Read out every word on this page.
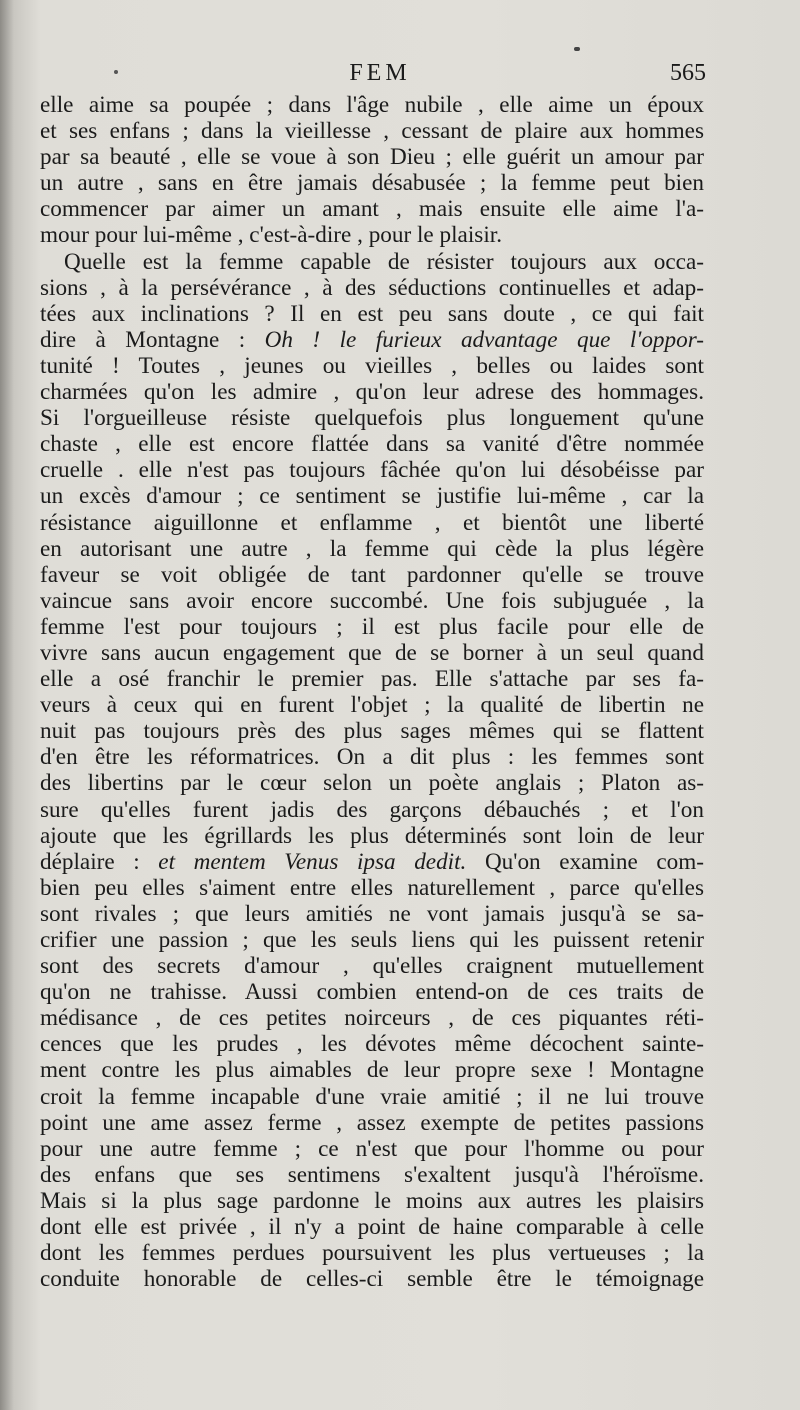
FEM	565
elle aime sa poupée ; dans l'âge nubile , elle aime un époux
et ses enfans ; dans la vieillesse , cessant de plaire aux hommes
par sa beauté , elle se voue à son Dieu ; elle guérit un amour par
un autre , sans en être jamais désabusée ; la femme peut bien
commencer par aimer un amant , mais ensuite elle aime l'a-
mour pour lui-même , c'est-à-dire , pour le plaisir.
Quelle est la femme capable de résister toujours aux occa-
sions , à la persévérance , à des séductions continuelles et adap-
tées aux inclinations ? Il en est peu sans doute , ce qui fait
dire à Montagne : Oh ! le furieux advantage que l'oppor-
tunité ! Toutes , jeunes ou vieilles , belles ou laides sont
charmées qu'on les admire , qu'on leur adrese des hommages.
Si l'orgueilleuse résiste quelquefois plus longuement qu'une
chaste , elle est encore flattée dans sa vanité d'être nommée
cruelle . elle n'est pas toujours fâchée qu'on lui désobéisse par
un excès d'amour ; ce sentiment se justifie lui-même , car la
résistance aiguillonne et enflamme , et bientôt une liberté
en autorisant une autre , la femme qui cède la plus légère
faveur se voit obligée de tant pardonner qu'elle se trouve
vaincue sans avoir encore succombé. Une fois subjuguée , la
femme l'est pour toujours ; il est plus facile pour elle de
vivre sans aucun engagement que de se borner à un seul quand
elle a osé franchir le premier pas. Elle s'attache par ses fa-
veurs à ceux qui en furent l'objet ; la qualité de libertin ne
nuit pas toujours près des plus sages mêmes qui se flattent
d'en être les réformatrices. On a dit plus : les femmes sont
des libertins par le cœur selon un poète anglais ; Platon as-
sure qu'elles furent jadis des garçons débauchés ; et l'on
ajoute que les égrillards les plus déterminés sont loin de leur
déplaire : et mentem Venus ipsa dedit. Qu'on examine com-
bien peu elles s'aiment entre elles naturellement , parce qu'elles
sont rivales ; que leurs amitiés ne vont jamais jusqu'à se sa-
crifier une passion ; que les seuls liens qui les puissent retenir
sont des secrets d'amour , qu'elles craignent mutuellement
qu'on ne trahisse. Aussi combien entend-on de ces traits de
médisance , de ces petites noirceurs , de ces piquantes réti-
cences que les prudes , les dévotes même décochent sainte-
ment contre les plus aimables de leur propre sexe ! Montagne
croit la femme incapable d'une vraie amitié ; il ne lui trouve
point une ame assez ferme , assez exempte de petites passions
pour une autre femme ; ce n'est que pour l'homme ou pour
des enfans que ses sentimens s'exaltent jusqu'à l'héroïsme.
Mais si la plus sage pardonne le moins aux autres les plaisirs
dont elle est privée , il n'y a point de haine comparable à celle
dont les femmes perdues poursuivent les plus vertueuses ; la
conduite honorable de celles-ci semble être le témoignage
